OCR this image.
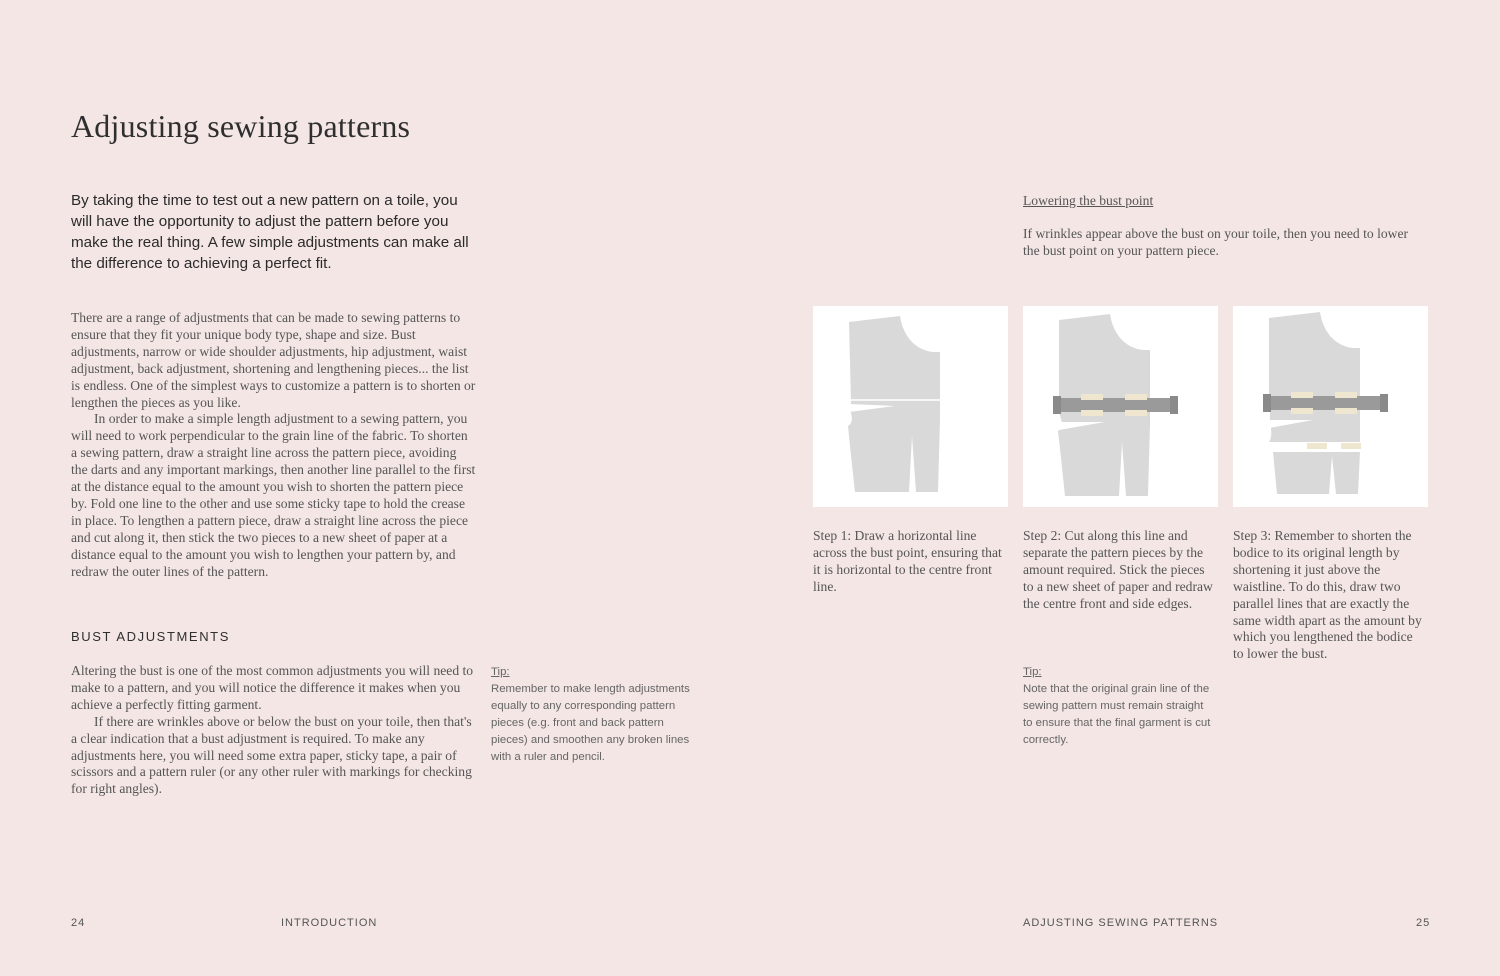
Adjusting sewing patterns
By taking the time to test out a new pattern on a toile, you will have the opportunity to adjust the pattern before you make the real thing. A few simple adjustments can make all the difference to achieving a perfect fit.

There are a range of adjustments that can be made to sewing patterns to ensure that they fit your unique body type, shape and size. Bust adjustments, narrow or wide shoulder adjustments, hip adjustment, waist adjustment, back adjustment, shortening and lengthening pieces... the list is endless. One of the simplest ways to customize a pattern is to shorten or lengthen the pieces as you like.

In order to make a simple length adjustment to a sewing pattern, you will need to work perpendicular to the grain line of the fabric. To shorten a sewing pattern, draw a straight line across the pattern piece, avoiding the darts and any important markings, then another line parallel to the first at the distance equal to the amount you wish to shorten the pattern piece by. Fold one line to the other and use some sticky tape to hold the crease in place. To lengthen a pattern piece, draw a straight line across the piece and cut along it, then stick the two pieces to a new sheet of paper at a distance equal to the amount you wish to lengthen your pattern by, and redraw the outer lines of the pattern.

BUST ADJUSTMENTS

Altering the bust is one of the most common adjustments you will need to make to a pattern, and you will notice the difference it makes when you achieve a perfectly fitting garment.

If there are wrinkles above or below the bust on your toile, then that's a clear indication that a bust adjustment is required. To make any adjustments here, you will need some extra paper, sticky tape, a pair of scissors and a pattern ruler (or any other ruler with markings for checking for right angles).

Tip:
Remember to make length adjustments equally to any corresponding pattern pieces (e.g. front and back pattern pieces) and smoothen any broken lines with a ruler and pencil.
Lowering the bust point
If wrinkles appear above the bust on your toile, then you need to lower the bust point on your pattern piece.
Step 1: Draw a horizontal line across the bust point, ensuring that it is horizontal to the centre front line.
Step 2: Cut along this line and separate the pattern pieces by the amount required. Stick the pieces to a new sheet of paper and redraw the centre front and side edges.
Step 3: Remember to shorten the bodice to its original length by shortening it just above the waistline. To do this, draw two parallel lines that are exactly the same width apart as the amount by which you lengthened the bodice to lower the bust.
Tip:
Note that the original grain line of the sewing pattern must remain straight to ensure that the final garment is cut correctly.
24	INTRODUCTION	ADJUSTING SEWING PATTERNS	25
